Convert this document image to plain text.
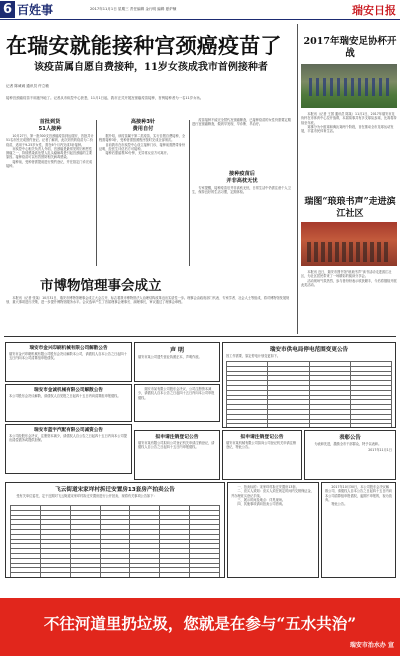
6 百姓事	2017年11月1日 星期三 责任编辑 金行明 编辑 夏炉棣	瑞安日报
在瑞安就能接种宫颈癌疫苗了
该疫苗属自愿自费接种，11岁女孩成我市首例接种者
记者 陈诚诚 通讯员 许立敏
接种宫颈癌疫苗不用跑外地了。记者从市疾控中心获悉，11月1日起，我市正式开展宫颈癌疫苗接种，首例接种者为一名11岁女孩。
首批到货
51人接种

　　10月27日，第一批300支宫颈癌疫苗到达瑞安，首批共计51名市民完成预约登记。记者了解到，此次到货的疫苗为二价疫苗，适用于9-25岁女性，需在6个月内完成3针接种。

　　市疾控中心相关负责人介绍，宫颈癌是最常见的妇科恶性肿瘤之一，持续感染高危型人乳头瘤病毒是引起宫颈癌的主要原因。接种疫苗可以有效预防相关病毒感染。

　　接种前，受种者需提前进行预约登记，并在指定门诊完成接种。

高接种3针
费用自付

　　据介绍，该疫苗属于第二类疫苗，实行自愿自费接种，全程需接种3针，受种者需按照程序按时完成全部剂次。

　　目前我市在市疾控中心设立接种门诊，接种前需携带身份证明，经医生评估后方可接种。

　　接种后需留观30分钟，无异常反应方可离开。

　　疫苗接种不能完全替代宫颈癌筛查，已接种疫苗的女性仍需要定期进行宫颈癌筛查，做到早发现、早诊断、早治疗。

接种疫苗后
并非高枕无忧

　　专家提醒，接种疫苗后并非高枕无忧，日常生活中仍需注意个人卫生，保持良好的生活习惯，定期体检。

2017年瑞安足协杯开战

　　本报讯（记者 王国 通讯员 陈某）11月1日，2017年瑞安市足协杯在市体育中心拉开战幕，本届赛事共有多支球队参赛，比赛将持续至年底。

　　赛事分为小组赛和淘汰赛两个阶段，旨在推动全市足球运动发展，丰富市民体育生活。

瑞图“琅琅书声”走进滨江社区

　　本报讯 近日，瑞安市图书馆“琅琅书声”读书活动走进滨江社区，为社区居民带来了一场精彩的阅读分享会。

　　活动现场气氛热烈，参与者纷纷表示收获颇丰，今后将继续开展此类活动。

市博物馆理事会成立

　　本报讯（记者 张某）10月31日，瑞安市博物馆理事会成立大会召开，标志着我市博物馆法人治理结构改革迈出实质性一步。理事会由政府部门代表、专家学者、社会人士等组成，将对博物馆发展规划、重大事项进行决策，进一步提升博物馆服务水平。会议选举产生了首届理事会理事长、副理事长，审议通过了理事会章程。

瑞安市金兴印刷机械有限公司解散公告
瑞安市金兴印刷机械有限公司股东会决议解散本公司，请债权人自本公告之日起四十五日内向本公司清算组申报债权。
瑞安市金诚机械有限公司解散公告
本公司股东会决议解散，请债权人自见报之日起四十五日内向清算组申报债权。
瑞安市蓝宇汽配有限公司减资公告
本公司经股东会决议，注册资本减少，请债权人自公告之日起四十五日内向本公司提出清偿债务或提供担保。
声 明
瑞安市某公司遗失营业执照正本，声明作废。

　　瑞安市某有限公司股东会决议，公司注册资本减少，请债权人自本公告之日起四十五日内向本公司申报债权。

拟申请注销登记公告
瑞安市某有限公司拟向公司登记机关申请注销登记，请债权人自公告之日起四十五日内申报债权。
拟申请注销登记公告
瑞安市某机械有限公司拟向公司登记机关申请注销登记，特此公告。
瑞安市供电局停电范围变更公告
因工作需要，原定停电计划变更如下。

表彰公告

　　为表彰先进，激励全市干部群众，特予以表彰。

2017年11月1日
飞云街道宋家垟村拆迁安置房13套房产拍卖公告

　　受有关单位委托，定于近期对飞云街道宋家垟村拆迁安置房进行公开拍卖，现将有关事项公告如下：

　　一、拍卖标的：宋家垟村拆迁安置房13套。

　　二、竞买人须知：竞买人须在规定时间内交纳保证金，并办理竞买登记手续。

　　三、展示时间及地点：详见现场。

　　四、其他事项请向拍卖公司咨询。

　　2017年10月30日，本公司股东会决议解散公司，请债权人自本公告之日起四十五日内向本公司清算组申报债权，逾期不申报的，视为放弃。

　　特此公告。

不往河道里扔垃圾，您就是在参与“五水共治”
瑞安市治水办 宣
